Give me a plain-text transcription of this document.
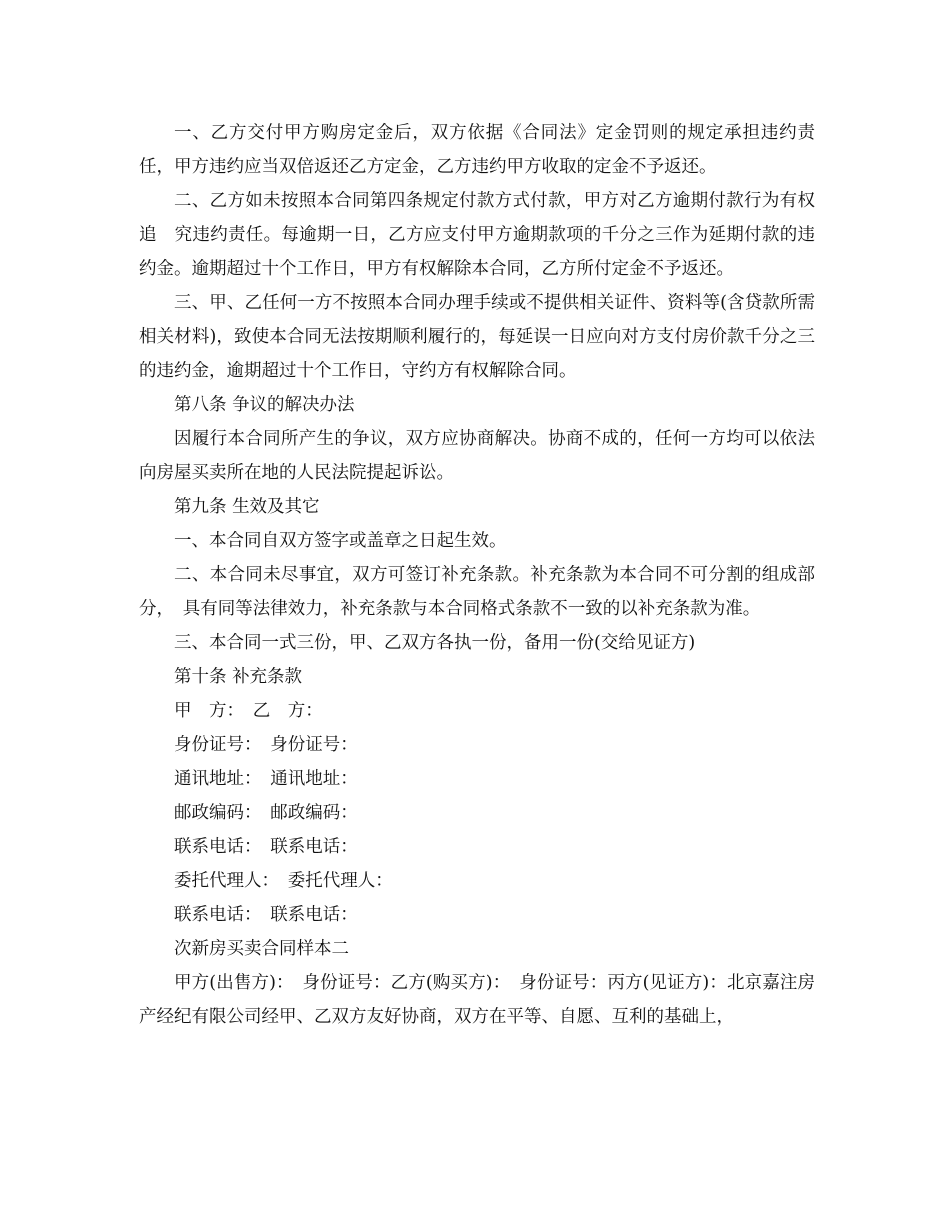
一、乙方交付甲方购房定金后，双方依据《合同法》定金罚则的规定承担违约责任，甲方违约应当双倍返还乙方定金，乙方违约甲方收取的定金不予返还。

二、乙方如未按照本合同第四条规定付款方式付款，甲方对乙方逾期付款行为有权追　究违约责任。每逾期一日，乙方应支付甲方逾期款项的千分之三作为延期付款的违约金。逾期超过十个工作日，甲方有权解除本合同，乙方所付定金不予返还。

三、甲、乙任何一方不按照本合同办理手续或不提供相关证件、资料等(含贷款所需相关材料)，致使本合同无法按期顺利履行的，每延误一日应向对方支付房价款千分之三的违约金，逾期超过十个工作日，守约方有权解除合同。

第八条 争议的解决办法

因履行本合同所产生的争议，双方应协商解决。协商不成的，任何一方均可以依法向房屋买卖所在地的人民法院提起诉讼。

第九条 生效及其它

一、本合同自双方签字或盖章之日起生效。

二、本合同未尽事宜，双方可签订补充条款。补充条款为本合同不可分割的组成部分，　具有同等法律效力，补充条款与本合同格式条款不一致的以补充条款为准。

三、本合同一式三份，甲、乙双方各执一份，备用一份(交给见证方)

第十条 补充条款

甲　方：　乙　方：

身份证号：　身份证号：

通讯地址：　通讯地址：

邮政编码：　邮政编码：

联系电话：　联系电话：

委托代理人：　委托代理人：

联系电话：　联系电话：

次新房买卖合同样本二

甲方(出售方)：　身份证号：乙方(购买方)：　身份证号：丙方(见证方)：北京嘉注房产经纪有限公司经甲、乙双方友好协商，双方在平等、自愿、互利的基础上，
